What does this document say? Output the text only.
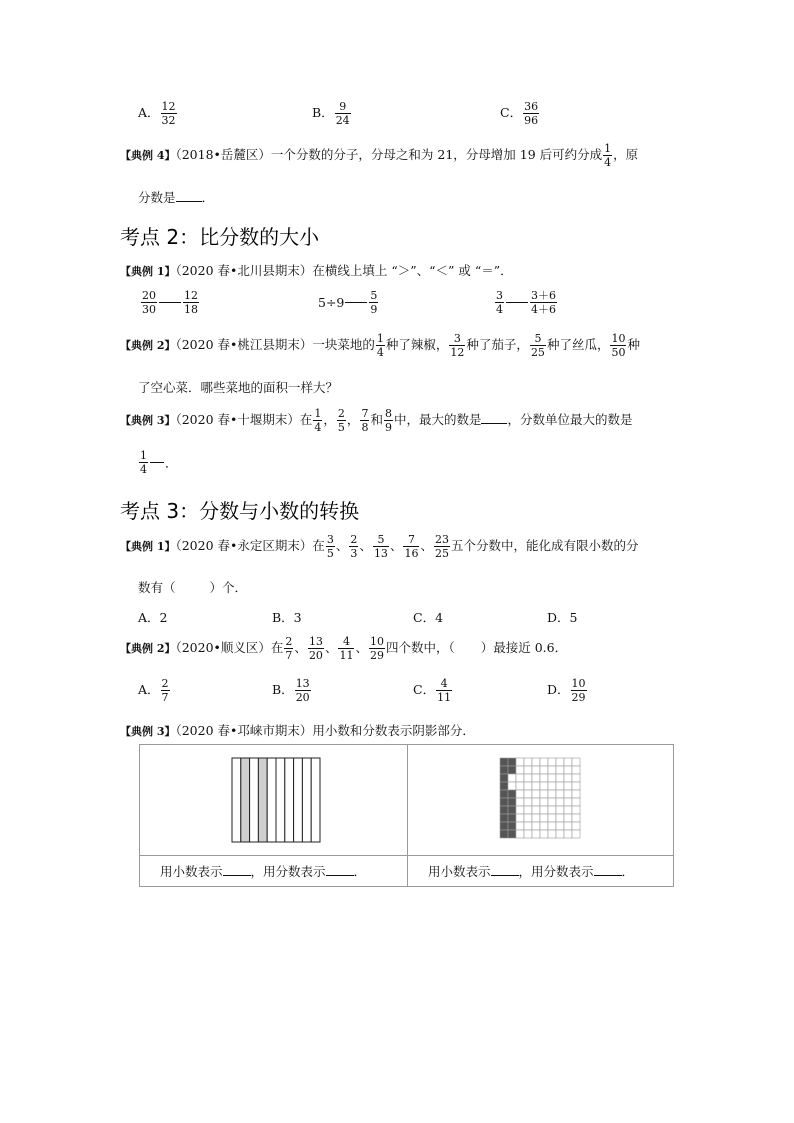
A． $\frac{12}{32}$	B． $\frac{9}{24}$	C． $\frac{36}{96}$
【典例 4】（2018•岳麓区）一个分数的分子，分母之和为 21，分母增加 19 后可约分成 $\frac{1}{4}$ ，原
分数是 ．
考点 2：比分数的大小
【典例 1】（2020 春•北川县期末）在横线上填上 “＞”、“＜” 或 “＝”．
$\frac{20}{30} \frac{12}{18}$	$5\div 9 \frac{5}{9}$	$\frac{3}{4} \frac{3+6}{4+6}$
【典例 2】（2020 春•桃江县期末）一块菜地的 $\frac{1}{4}$ 种了辣椒， $\frac{3}{12}$ 种了茄子， $\frac{5}{25}$ 种了丝瓜， $\frac{10}{50}$ 种
了空心菜．哪些菜地的面积一样大？
【典例 3】（2020 春•十堰期末）在 $\frac{1}{4}$ ， $\frac{2}{5}$ ， $\frac{7}{8}$ 和 $\frac{8}{9}$ 中，最大的数是 ，分数单位最大的数是
$\frac{1}{4}$ ．
考点 3：分数与小数的转换
【典例 1】（2020 春•永定区期末）在 $\frac{3}{5}$ 、 $\frac{2}{3}$ 、 $\frac{5}{13}$ 、 $\frac{7}{16}$ 、 $\frac{23}{25}$ 五个分数中，能化成有限小数的分
数有（	）个．
A．2	B．3	C．4	D．5
【典例 2】（2020•顺义区）在 $\frac{2}{7}$ 、 $\frac{13}{20}$ 、 $\frac{4}{11}$ 、 $\frac{10}{29}$ 四个数中，（ ）最接近 0.6．
A． $\frac{2}{7}$	B． $\frac{13}{20}$	C． $\frac{4}{11}$	D． $\frac{10}{29}$
【典例 3】（2020 春•邛崃市期末）用小数和分数表示阴影部分．

用小数表示 ，用分数表示 ．	用小数表示 ，用分数表示 ．
